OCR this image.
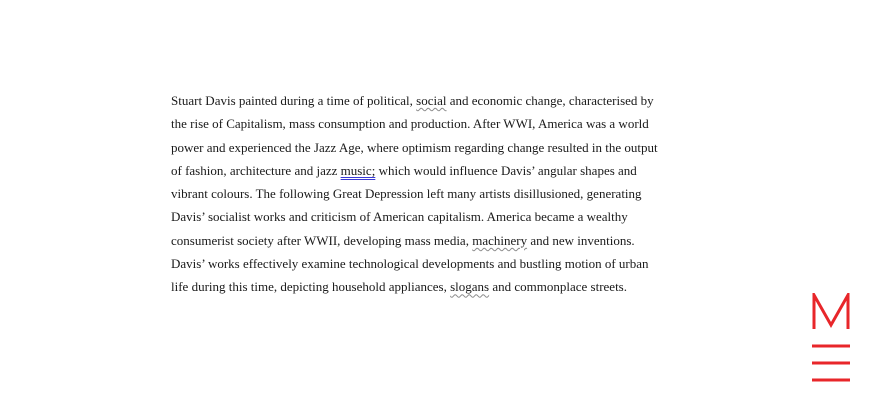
Stuart Davis painted during a time of political, social and economic change, characterised by
the rise of Capitalism, mass consumption and production. After WWI, America was a world
power and experienced the Jazz Age, where optimism regarding change resulted in the output
of fashion, architecture and jazz music; which would influence Davis’ angular shapes and
vibrant colours. The following Great Depression left many artists disillusioned, generating
Davis’ socialist works and criticism of American capitalism. America became a wealthy
consumerist society after WWII, developing mass media, machinery and new inventions.
Davis’ works effectively examine technological developments and bustling motion of urban
life during this time, depicting household appliances, slogans and commonplace streets.
